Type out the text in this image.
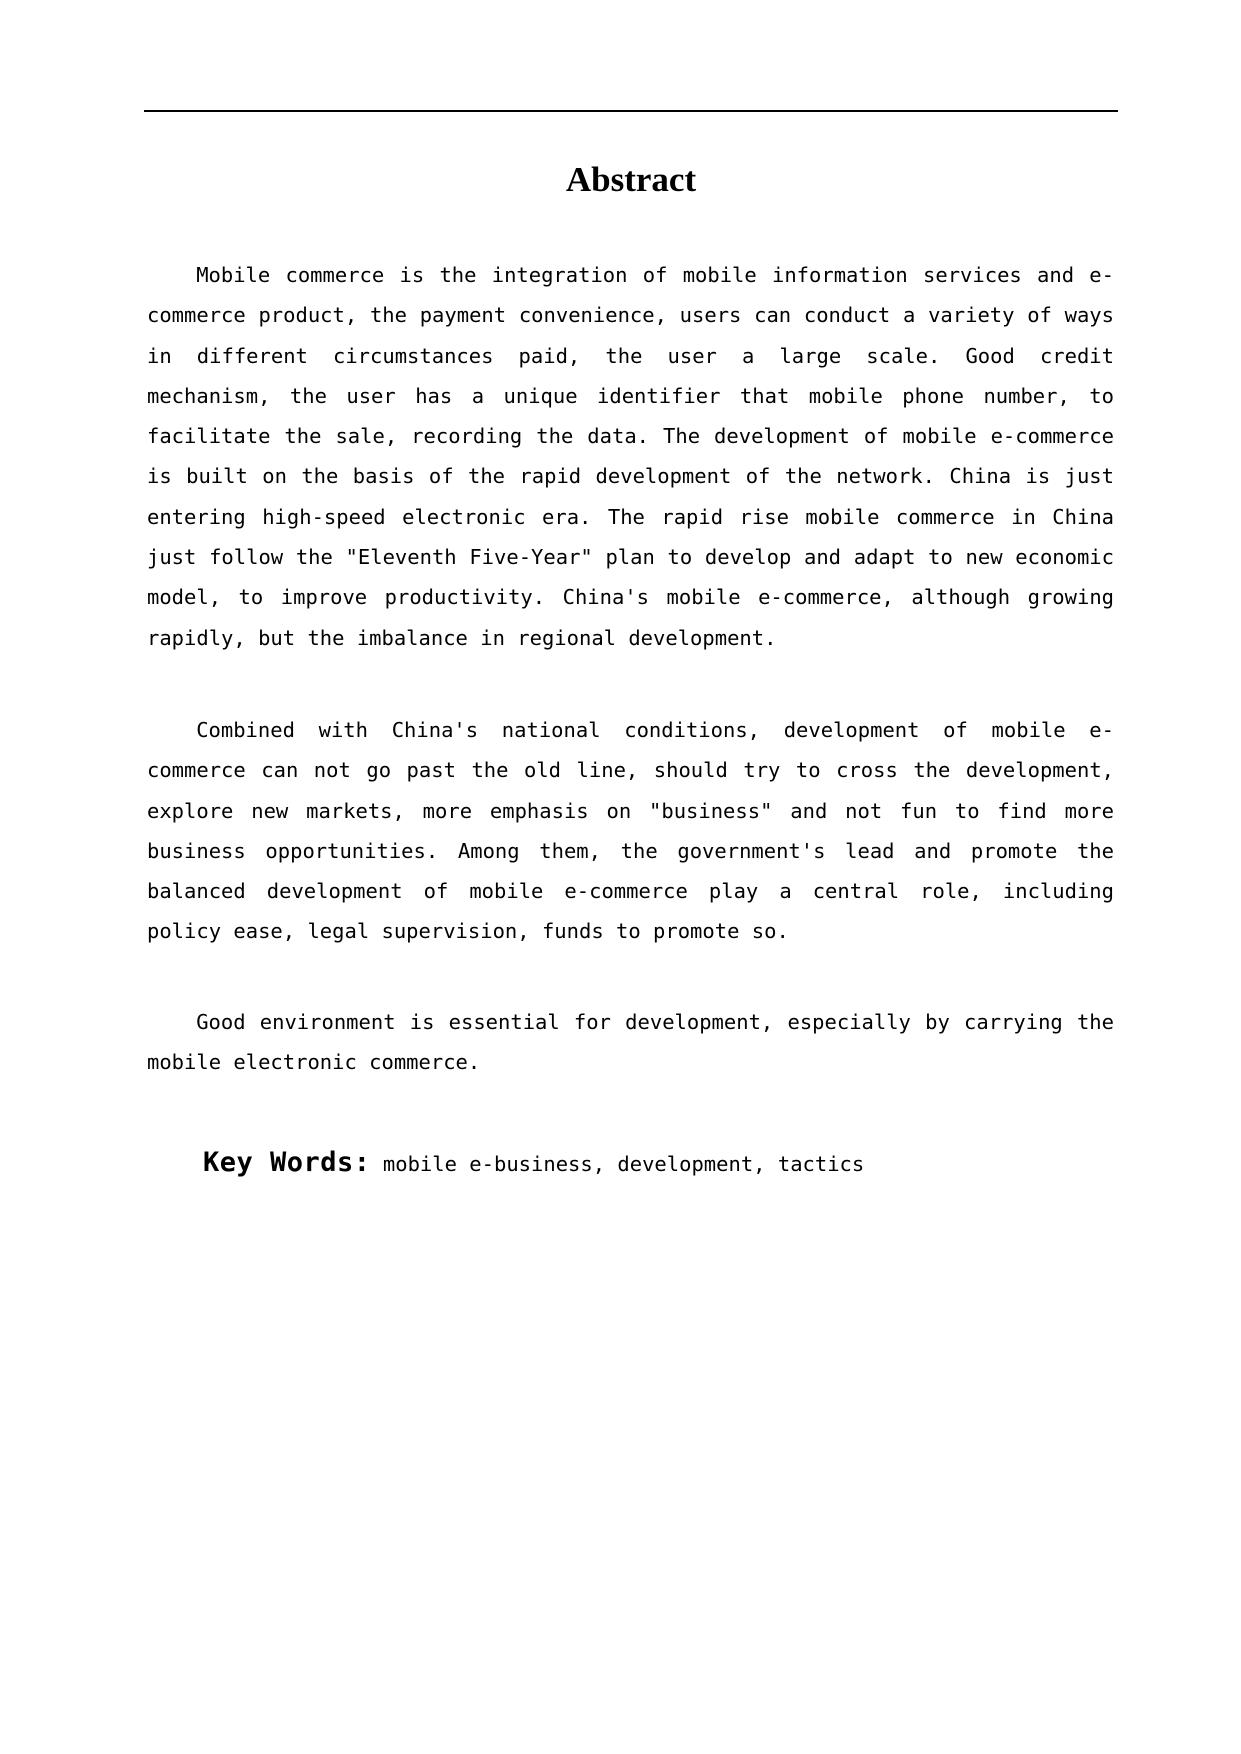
Abstract

Mobile commerce is the integration of mobile information services and e-commerce product, the payment convenience, users can conduct a variety of ways in different circumstances paid, the user a large scale. Good credit mechanism, the user has a unique identifier that mobile phone number, to facilitate the sale, recording the data. The development of mobile e-commerce is built on the basis of the rapid development of the network. China is just entering high-speed electronic era. The rapid rise mobile commerce in China just follow the "Eleventh Five-Year" plan to develop and adapt to new economic model, to improve productivity. China's mobile e-commerce, although growing rapidly, but the imbalance in regional development.

Combined with China's national conditions, development of mobile e-commerce can not go past the old line, should try to cross the development, explore new markets, more emphasis on "business" and not fun to find more business opportunities. Among them, the government's lead and promote the balanced development of mobile e-commerce play a central role, including policy ease, legal supervision, funds to promote so.

Good environment is essential for development, especially by carrying the mobile electronic commerce.

Key Words: mobile e-business, development, tactics
